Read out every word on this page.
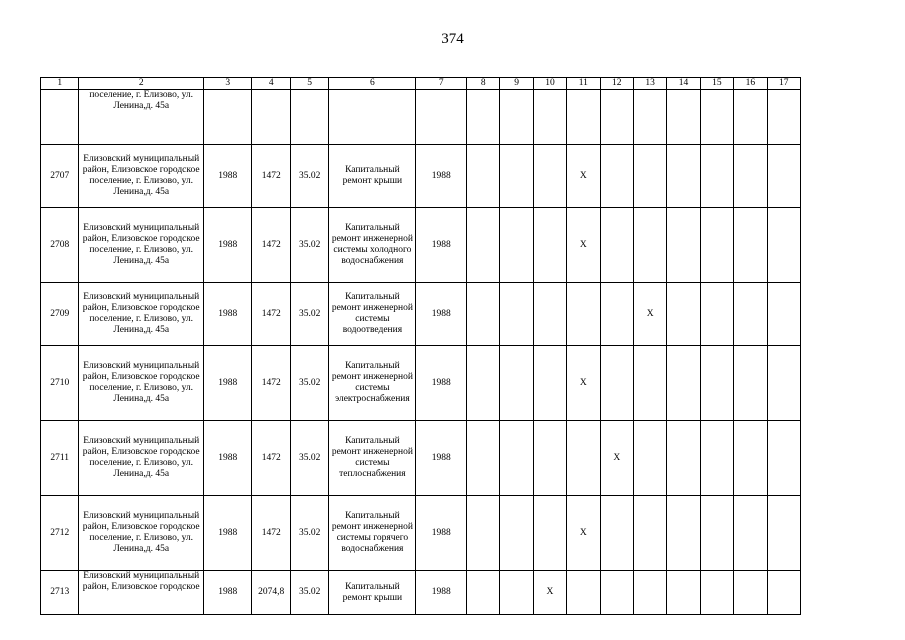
374
1	2	3	4	5	6	7	8	9	10	11	12	13	14	15	16	17
	поселение, г. Елизово, ул. Ленина,д. 45а															
2707	Елизовский муниципальный район, Елизовское городское поселение, г. Елизово, ул. Ленина,д. 45а	1988	1472	35.02	Капитальный ремонт крыши	1988				Х						
2708	Елизовский муниципальный район, Елизовское городское поселение, г. Елизово, ул. Ленина,д. 45а	1988	1472	35.02	Капитальный ремонт инженерной системы холодного водоснабжения	1988				Х						
2709	Елизовский муниципальный район, Елизовское городское поселение, г. Елизово, ул. Ленина,д. 45а	1988	1472	35.02	Капитальный ремонт инженерной системы водоотведения	1988						Х				
2710	Елизовский муниципальный район, Елизовское городское поселение, г. Елизово, ул. Ленина,д. 45а	1988	1472	35.02	Капитальный ремонт инженерной системы электроснабжения	1988				Х						
2711	Елизовский муниципальный район, Елизовское городское поселение, г. Елизово, ул. Ленина,д. 45а	1988	1472	35.02	Капитальный ремонт инженерной системы теплоснабжения	1988					Х					
2712	Елизовский муниципальный район, Елизовское городское поселение, г. Елизово, ул. Ленина,д. 45а	1988	1472	35.02	Капитальный ремонт инженерной системы горячего водоснабжения	1988				Х						
2713	Елизовский муниципальный район, Елизовское городское	1988	2074,8	35.02	Капитальный ремонт крыши	1988			Х							
